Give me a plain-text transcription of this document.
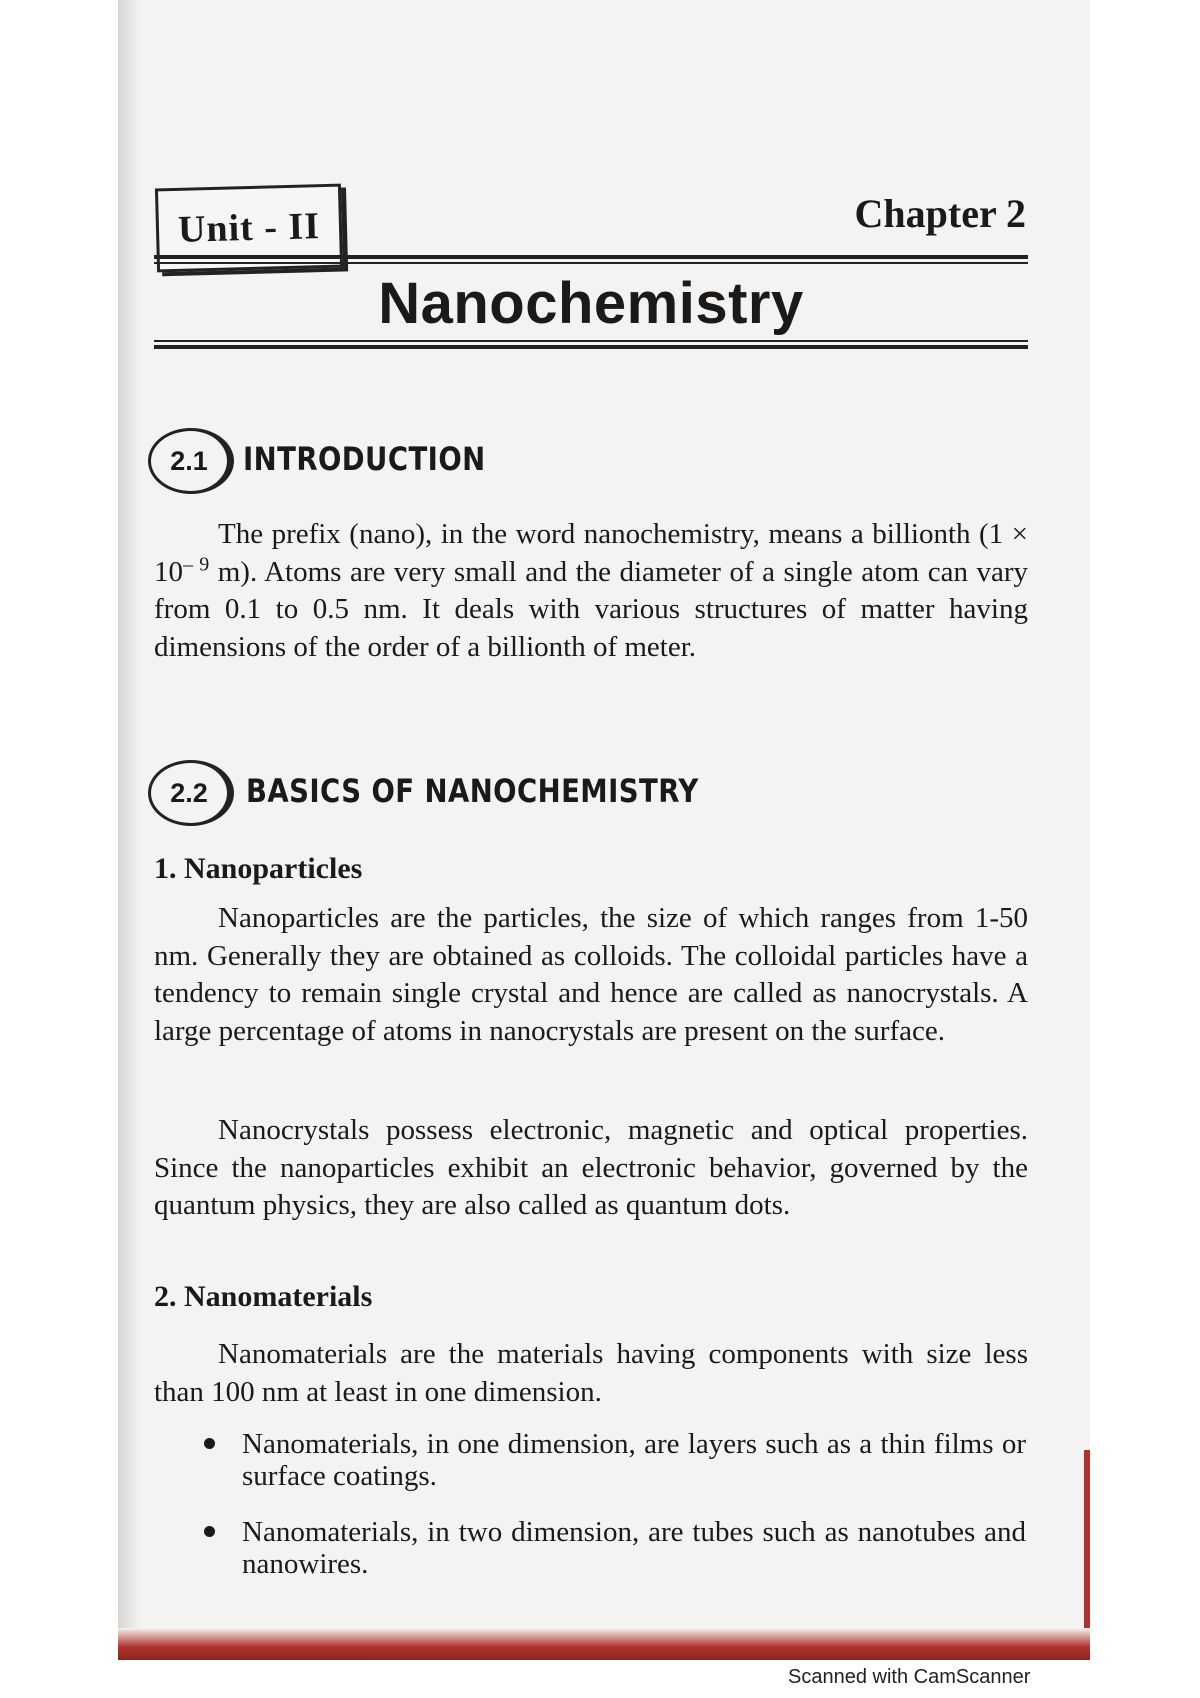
Unit - II	Chapter 2
Nanochemistry
2.1 INTRODUCTION
The prefix (nano), in the word nanochemistry, means a billionth ($1 \times 10^{- 9}$ m). Atoms are very small and the diameter of a single atom can vary from 0.1 to 0.5 nm. It deals with various structures of matter having dimensions of the order of a billionth of meter.
2.2 BASICS OF NANOCHEMISTRY
1. Nanoparticles
Nanoparticles are the particles, the size of which ranges from 1-50 nm. Generally they are obtained as colloids. The colloidal particles have a tendency to remain single crystal and hence are called as nanocrystals. A large percentage of atoms in nanocrystals are present on the surface.
Nanocrystals possess electronic, magnetic and optical properties. Since the nanoparticles exhibit an electronic behavior, governed by the quantum physics, they are also called as quantum dots.
2. Nanomaterials
Nanomaterials are the materials having components with size less than 100 nm at least in one dimension.
Nanomaterials, in one dimension, are layers such as a thin films or surface coatings.
Nanomaterials, in two dimension, are tubes such as nanotubes and nanowires.
Scanned with CamScanner
